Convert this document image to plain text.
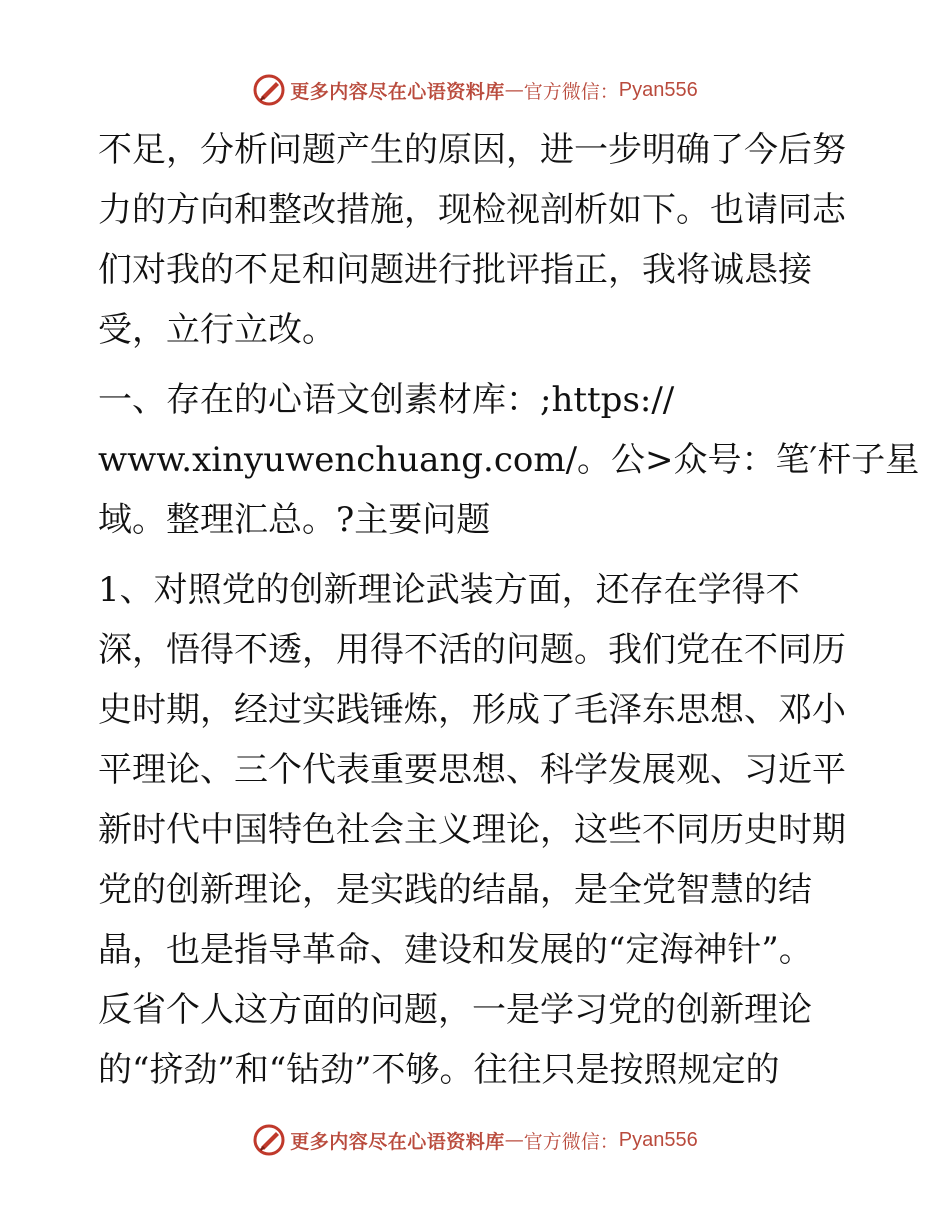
更多内容尽在心语资料库 — 官方微信： Pyan556
不足，分析问题产生的原因，进一步明确了今后努
力的方向和整改措施，现检视剖析如下。也请同志
们对我的不足和问题进行批评指正，我将诚恳接
受，立行立改。
一、存在的心语文创素材库：;https://
www.xinyuwenchuang.com/。公>众号：笔′杆子星
域。整理汇总。?主要问题
1、对照党的创新理论武装方面，还存在学得不
深，悟得不透，用得不活的问题。我们党在不同历
史时期，经过实践锤炼，形成了毛泽东思想、邓小
平理论、三个代表重要思想、科学发展观、习近平
新时代中国特色社会主义理论，这些不同历史时期
党的创新理论，是实践的结晶，是全党智慧的结
晶，也是指导革命、建设和发展的“定海神针”。
反省个人这方面的问题，一是学习党的创新理论
的“挤劲”和“钻劲”不够。往往只是按照规定的
更多内容尽在心语资料库 — 官方微信： Pyan556
